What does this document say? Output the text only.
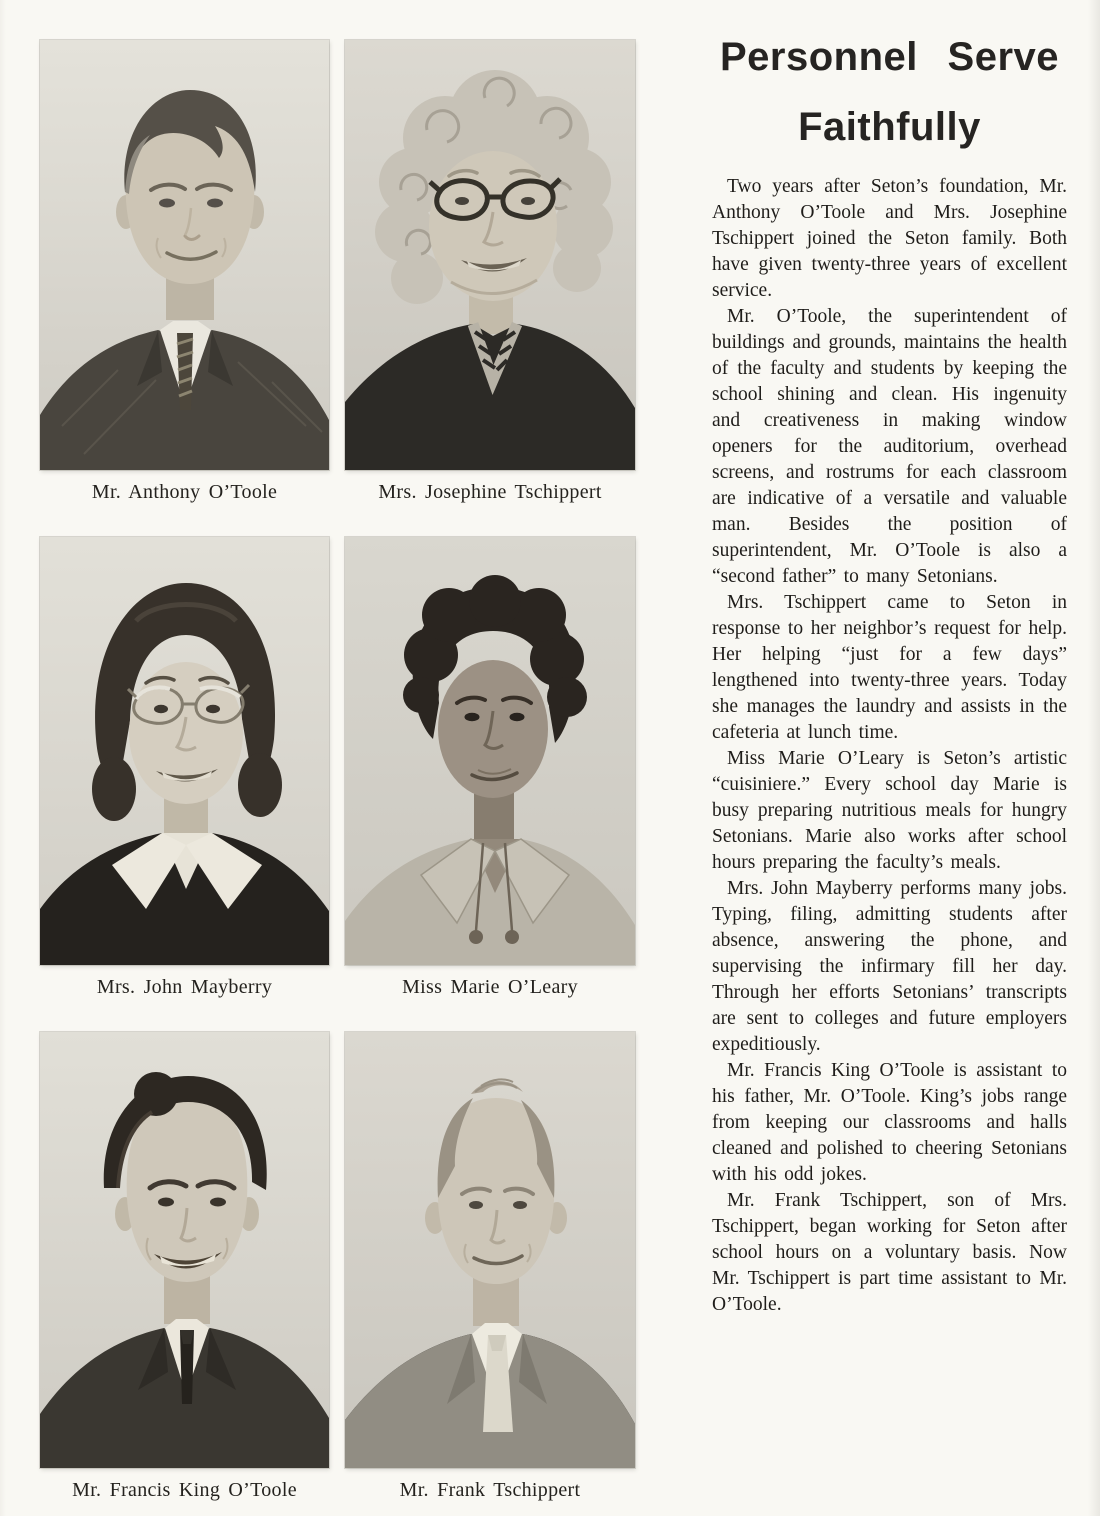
Mr. Anthony O’Toole	Mrs. Josephine Tschippert
Mrs. John Mayberry	Miss Marie O’Leary
Mr. Francis King O’Toole	Mr. Frank Tschippert
Personnel Serve
Faithfully

Two years after Seton’s foundation, Mr. Anthony O’Toole and Mrs. Josephine Tschippert joined the Seton family. Both have given twenty-three years of excellent service.

Mr. O’Toole, the superintendent of buildings and grounds, maintains the health of the faculty and students by keeping the school shining and clean. His ingenuity and creativeness in making window openers for the auditorium, overhead screens, and rostrums for each classroom are indicative of a versatile and valuable man. Besides the position of superintendent, Mr. O’Toole is also a “second father” to many Setonians.

Mrs. Tschippert came to Seton in response to her neighbor’s request for help. Her helping “just for a few days” lengthened into twenty-three years. Today she manages the laundry and assists in the cafeteria at lunch time.

Miss Marie O’Leary is Seton’s artistic “cuisiniere.” Every school day Marie is busy preparing nutritious meals for hungry Setonians. Marie also works after school hours preparing the faculty’s meals.

Mrs. John Mayberry performs many jobs. Typing, filing, admitting students after absence, answering the phone, and supervising the infirmary fill her day. Through her efforts Setonians’ transcripts are sent to colleges and future employers expeditiously.

Mr. Francis King O’Toole is assistant to his father, Mr. O’Toole. King’s jobs range from keeping our classrooms and halls cleaned and polished to cheering Setonians with his odd jokes.

Mr. Frank Tschippert, son of Mrs. Tschippert, began working for Seton after school hours on a voluntary basis. Now Mr. Tschippert is part time assistant to Mr. O’Toole.
